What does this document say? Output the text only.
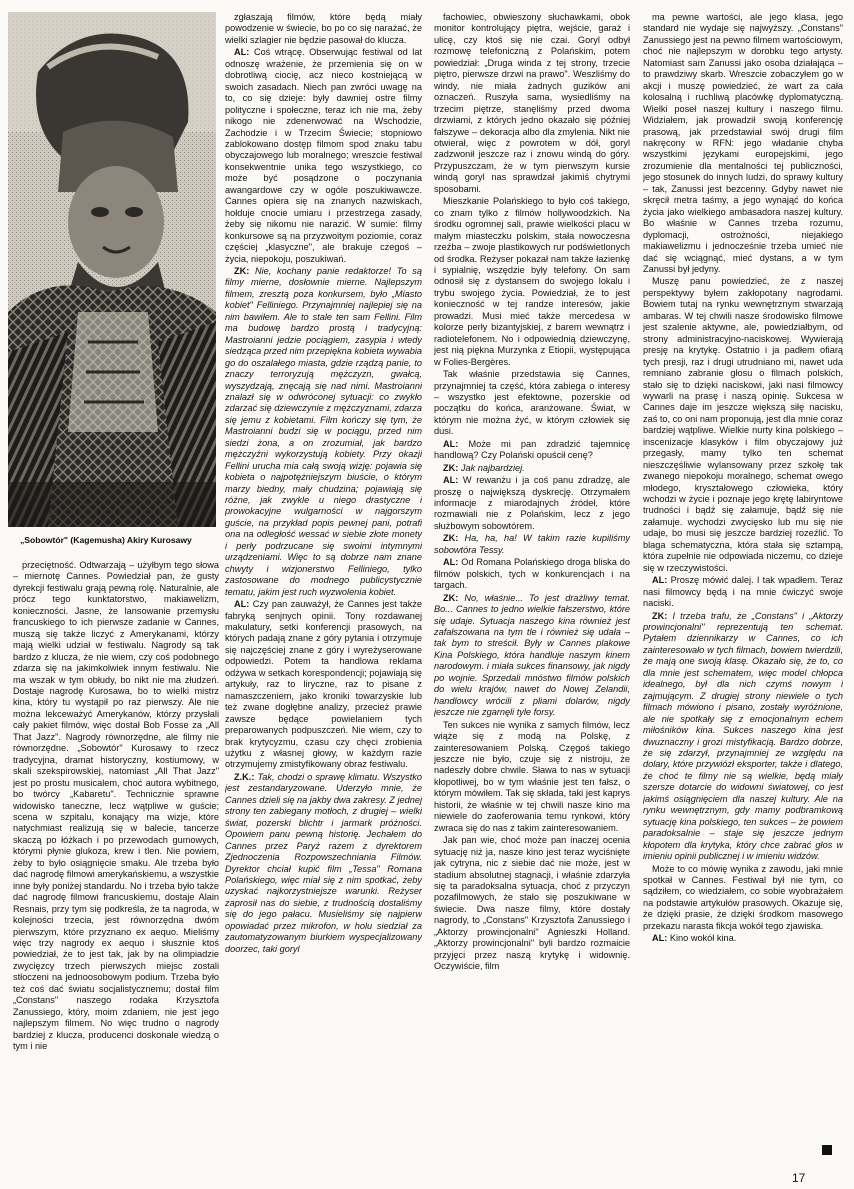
„Sobowtór" (Kagemusha) Akiry Kurosawy

zgłaszają filmów, które będą miały powodzenie w świecie, bo po co się narażać, że wielki szlagier nie będzie pasował do klucza.

AL: Coś wtrącę. Obserwując festiwal od lat odnoszę wrażenie, że przemienia się on w dobrotliwą ciocię, acz nieco kostniejącą w swoich zasadach. Niech pan zwróci uwagę na to, co się dzieje: były dawniej ostre filmy polityczne i społeczne, teraz ich nie ma, żeby nikogo nie zdenerwować na Wschodzie, Zachodzie i w Trzecim Świecie; stopniowo zablokowano dostęp filmom spod znaku tabu obyczajowego lub moralnego; wreszcie festiwal konsekwentnie unika tego wszystkiego, co może być posądzone o poczynania awangardowe czy w ogóle poszukiwawcze. Cannes opiera się na znanych nazwiskach, hołduje cnocie umiaru i przestrzega zasady, żeby się nikomu nie narazić. W sumie: filmy konkursowe są na przyzwoitym poziomie, coraz częściej „klasyczne", ale brakuje czegoś – życia, niepokoju, poszukiwań.

ZK: Nie, kochany panie redaktorze! To są filmy mierne, dosłownie mierne. Najlepszym filmem, zresztą poza konkursem, było „Miasto kobiet" Felliniego. Przynajmniej najlepiej się na nim bawiłem. Ale to stale ten sam Fellini. Film ma budowę bardzo prostą i tradycyjną: Mastroianni jedzie pociągiem, zasypia i wtedy siedząca przed nim przepiękna kobieta wywabia go do oszalałego miasta, gdzie rządzą panie, to znaczy terroryzują mężczyzn, gwałcą, wyszydzają, znęcają się nad nimi. Mastroianni znalazł się w odwróconej sytuacji: co zwykło zdarzać się dziewczynie z mężczyznami, zdarza się jemu z kobietami. Film kończy się tym, że Mastroianni budzi się w pociągu, przed nim siedzi żona, a on zrozumiał, jak bardzo mężczyźni wykorzystują kobiety. Przy okazji Fellini urucha mia całą swoją wizję: pojawia się kobieta o najpotężniejszym biuście, o którym marzy biedny, mały chudzina; pojawiają się różne, jak zwykle u niego drastyczne i prowokacyjne wulgarności w najgorszym guście, na przykład popis pewnej pani, potrafi ona na odległość wessać w siebie złote monety i perły podrzucane się swoimi intymnymi urządzeniami. Więc to są dobrze nam znane chwyty i wizjonerstwo Felliniego, tylko zastosowane do modnego publicystycznie tematu, jakim jest ruch wyzwolenia kobiet.

AL: Czy pan zauważył, że Cannes jest także fabryką senjnych opinii. Tony rozdawanej makulatury, setki konferencji prasowych, na których padają znane z góry pytania i otrzymuje się najczęściej znane z góry i wyreżyserowane odpowiedzi. Potem ta handlowa reklama odżywa w setkach korespondencji; pojawiają się artykuły, raz to liryczne, raz to pisane z namaszczeniem, jako kroniki towarzyskie lub też zwane dogłębne analizy, przecież prawie zawsze będące powielaniem tych preparowanych podpuszczeń. Nie wiem, czy to brak krytycyzmu, czasu czy chęci zrobienia użytku z własnej głowy, w każdym razie otrzymujemy zmistyfikowany obraz festiwalu.

Z.K.: Tak, chodzi o sprawę klimatu. Wszystko jest zestandaryzowane. Uderzyło mnie, że Cannes dzieli się na jakby dwa zakresy. Z jednej strony ten zabiegany motłoch, z drugiej – wielki świat, pozerski blichtr i jarmark próżności. Opowiem panu pewną historię. Jechałem do Cannes przez Paryż razem z dyrektorem Zjednoczenia Rozpowszechniania Filmów. Dyrektor chciał kupić film „Tessa" Romana Polańskiego, więc miał się z nim spotkać, żeby uzyskać najkorzystniejsze warunki. Reżyser zaprosił nas do siebie, z trudnością dostaliśmy się do jego pałacu. Musieliśmy się najpierw opowiadać przez mikrofon, w holu siedział za zautomatyzowanym biurkiem wyspecjalizowany doorzec, taki goryl

przeciętność. Odtwarzają – użyłbym tego słowa – miernotę Cannes. Powiedział pan, że gusty dyrekcji festiwalu grają pewną rolę. Naturalnie, ale prócz tego kunktatorstwo, makiawelizm, konieczności. Jasne, że lansowanie przemysłu francuskiego to ich pierwsze zadanie w Cannes, muszą się także liczyć z Amerykanami, którzy mają wielki udział w festiwalu. Nagrody są tak bardzo z klucza, że nie wiem, czy coś podobnego zdarza się na jakimkolwiek innym festiwalu. Nie ma wszak w tym obłudy, bo nikt nie ma złudzeń. Dostaje nagrodę Kurosawa, bo to wielki mistrz kina, który tu wystąpił po raz pierwszy. Ale nie można lekceważyć Amerykanów, którzy przysłali cały pakiet filmów, więc dostał Bob Fosse za „All That Jazz". Nagrody równorzędne, ale filmy nie równorzędne. „Sobowtór" Kurosawy to rzecz tradycyjna, dramat historyczny, kostiumowy, w skali szekspirowskiej, natomiast „All That Jazz" jest po prostu musicalem, choć autora wybitnego, bo twórcy „Kabaretu". Technicznie sprawne widowisko taneczne, lecz wątpliwe w guście; scena w szpitalu, konający ma wizje, które natychmiast realizują się w balecie, tancerze skaczą po łóżkach i po przewodach gumowych, którymi płynie glukoza, krew i tlen. Nie powiem, żeby to było osiągnięcie smaku. Ale trzeba było dać nagrodę filmowi amerykańskiemu, a wszystkie inne były poniżej standardu. No i trzeba było także dać nagrodę filmowi francuskiemu, dostaje Alain Resnais, przy tym się podkreśla, że ta nagroda, w kolejności trzecia, jest równorzędna dwóm pierwszym, które przyznano ex aequo. Mieliśmy więc trzy nagrody ex aequo i słusznie ktoś powiedział, że to jest tak, jak by na olimpiadzie zwycięzcy trzech pierwszych miejsc zostali stłoczeni na jednoosobowym podium. Trzeba było też coś dać światu socjalistycznemu; dostał film „Constans" naszego rodaka Krzysztofa Zanussiego, który, moim zdaniem, nie jest jego najlepszym filmem. No więc trudno o nagrody bardziej z klucza, producenci doskonale wiedzą o tym i nie

fachowiec, obwieszony słuchawkami, obok monitor kontrolujący piętra, wejście, garaż i ulicę, czy ktoś się nie czai. Goryl odbył rozmowę telefoniczną z Polańskim, potem powiedział: „Druga winda z tej strony, trzecie piętro, pierwsze drzwi na prawo". Weszliśmy do windy, nie miała żadnych guzików ani oznaczeń. Ruszyła sama, wysiedliśmy na trzecim piętrze, stanęliśmy przed dwoma drzwiami, z których jedno okazało się później fałszywe – dekoracja albo dla zmylenia. Nikt nie otwierał, więc z powrotem w dół, goryl zadzwonił jeszcze raz i znowu windą do góry. Przypuszczam, że w tym pierwszym kursie windą goryl nas sprawdzał jakimiś chytrymi sposobami.

Mieszkanie Polańskiego to było coś takiego, co znam tylko z filmów hollywoodzkich. Na środku ogromnej sali, prawie wielkości placu w małym miasteczku polskim, stała nowoczesna rzeźba – zwoje plastikowych rur podświetlonych od środka. Reżyser pokazał nam także łazienkę i sypialnię, wszędzie były telefony. On sam odnosił się z dystansem do swojego lokalu i trybu swojego życia. Powiedział, że to jest konieczność w tej randze interesów, jakie prowadzi. Musi mieć także mercedesa w kolorze perły bizantyjskiej, z barem wewnątrz i radiotelefonem. No i odpowiednią dziewczynę, jest nią piękna Murzynka z Etiopii, występująca w Folies-Bergères.

Tak właśnie przedstawia się Cannes, przynajmniej ta część, która zabiega o interesy – wszystko jest efektowne, pozerskie od początku do końca, aranżowane. Świat, w którym nie można żyć, w którym człowiek się dusi.

AL: Może mi pan zdradzić tajemnicę handlową? Czy Polański opuścił cenę?

ZK: Jak najbardziej.

AL: W rewanżu i ja coś panu zdradzę, ale proszę o największą dyskrecję. Otrzymałem informacje z miarodajnych źródeł, które rozmawiali nie z Polańskim, lecz z jego służbowym sobowtórem.

ZK: Ha, ha, ha! W takim razie kupiliśmy sobowtóra Tessy.

AL: Od Romana Polańskiego droga bliska do filmów polskich, tych w konkurencjach i na targach.

ZK: No, właśnie... To jest drażliwy temat. Bo... Cannes to jedno wielkie fałszerstwo, które się udaje. Sytuacja naszego kina również jest zafałszowana na tym tle i również się udała – tak bym to streścił. Były w Cannes plakowe Kina Polskiego, która handluje naszym kinem narodowym. i miała sukces finansowy, jak nigdy po wojnie. Sprzedali mnóstwo filmów polskich do wielu krajów, nawet do Nowej Zelandii, handlowcy wrócili z pliami dolarów, nigdy jeszcze nie zgarnęli tyle forsy.

Ten sukces nie wynika z samych filmów, lecz wiąże się z modą na Polskę, z zainteresowaniem Polską. Częgoś takiego jeszcze nie było, czuje się z nistroju, że nadeszły dobre chwile. Sława to nas w sytuacji kłopotliwej, bo w tym właśnie jest ten fałsz, o którym mówiłem. Tak się składa, taki jest kaprys historii, że właśnie w tej chwili nasze kino ma niewiele do zaoferowania temu rynkowi, który zwraca się do nas z takim zainteresowaniem.

Jak pan wie, choć może pan inaczej ocenia sytuację niż ja, nasze kino jest teraz wyciśnięte jak cytryna, nic z siebie dać nie może, jest w stadium absolutnej stagnacji, i właśnie zdarzyła się ta paradoksalna sytuacja, choć z przyczyn pozafilmowych, że stało się poszukiwane w świecie. Dwa nasze filmy, które dostały nagrody, to „Constans" Krzysztofa Zanussiego i „Aktorzy prowincjonalni" Agnieszki Holland. „Aktorzy prowincjonalni" byli bardzo rozmaicie przyjęci przez naszą krytykę i widownię. Oczywiście, film

ma pewne wartości, ale jego klasa, jego standard nie wydaje się najwyższy. „Constans" Zanussiego jest na pewno filmem wartościowym, choć nie najlepszym w dorobku tego artysty. Natomiast sam Zanussi jako osoba działająca – to prawdziwy skarb. Wreszcie zobaczyłem go w akcji i muszę powiedzieć, że wart za cała kolosalną i ruchliwą placówkę dyplomatyczną. Wielki poseł naszej kultury i naszego filmu. Widziałem, jak prowadził swoją konferencję prasową, jak przedstawiał swój drugi film nakręcony w RFN: jego władanie chyba wszystkimi językami europejskimi, jego zrozumienie dla mentalności tej publiczności, jego stosunek do innych ludzi, do sprawy kultury – tak, Zanussi jest bezcenny. Gdyby nawet nie skręcił metra taśmy, a jego wynająć do końca życia jako wielkiego ambasadora naszej kultury. Bo właśnie w Cannes trzeba rozumu, dyplomacji, ostrożności, niejakiego makiawelizmu i jednocześnie trzeba umieć nie dać się wciągnąć, mieć dystans, a w tym Zanussi był jedyny.

Muszę panu powiedzieć, że z naszej perspektywy byłem zakłopotany nagrodami. Bowiem tutaj na rynku wewnętrznym stwarzają ambaras. W tej chwili nasze środowisko filmowe jest szalenie aktywne, ale, powiedziałbym, od strony administracyjno-naciskowej. Wywierają presję na krytykę. Ostatnio i ja padłem ofiarą tych presji, raz i drugi utrudniano mi, nawet uda remniano zabranie głosu o filmach polskich, stało się to dzięki naciskowi, jaki nasi filmowcy wywarli na prasę i naszą opinię. Sukcesa w Cannes daje im jeszcze większą siłę nacisku, zaś to, co oni nam proponują, jest dla mnie coraz bardziej wątpliwe. Wielkie nurty kina polskiego – inscenizacje klasyków i film obyczajowy już przegasły, mamy tylko ten schemat nieszczęśliwie wylansowany przez szkołę tak zwanego niepokoju moralnego, schemat owego młodego, kryształowego człowieka, który wchodzi w życie i poznaje jego krętę labiryntowe trudności i bądź się załamuje, bądź się nie załamuje. wychodzi zwycięsko lub mu się nie udaje, bo musi się jeszcze bardziej rozeźlić. To blaga schematyczna, która stała się sztampą, która zupełnie nie odpowiada niczemu, co dzieje się w rzeczywistości.

AL: Proszę mówić dalej. I tak wpadłem. Teraz nasi filmowcy będą i na mnie ćwiczyć swoje naciski.

ZK: I trzeba trafu, że „Constans" i „Aktorzy prowincjonalni" reprezentują ten schemat. Pytałem dziennikarzy w Cannes, co ich zainteresowało w tych filmach, bowiem twierdzili, że mają one swoją klasę. Okazało się, że to, co dla mnie jest schematem, więc model chłopca idealnego, był dla nich czymś nowym i zajmującym. Z drugiej strony niewiele o tych filmach mówiono i pisano, zostały wyróżnione, ale nie spotkały się z emocjonalnym echem miłośników kina. Sukces naszego kina jest dwuznaczny i grozi mistyfikacją. Bardzo dobrze, że się zdarzył, przynajmniej ze względu na dolary, które przywiózł eksporter, także i dlatego, że choć te filmy nie są wielkie, będą miały szersze dotarcie do widowni światowej, co jest jakimś osiągnięciem dla naszej kultury. Ale na rynku wewnętrznym, gdy mamy podbramkową sytuację kina polskiego, ten sukces – że powiem paradoksalnie – staje się jeszcze jednym kłopotem dla krytyka, który chce zabrać głos w imieniu opinii publicznej i w imieniu widzów.

Może to co mówię wynika z zawodu, jaki mnie spotkał w Cannes. Festiwal był nie tym, co sądziłem, co wiedziałem, co sobie wyobrażałem na podstawie artykułów prasowych. Okazuje się, że dzięki prasie, że dzięki środkom masowego przekazu narasta fikcja wokół tego zjawiska.

AL: Kino wokół kina.

17
